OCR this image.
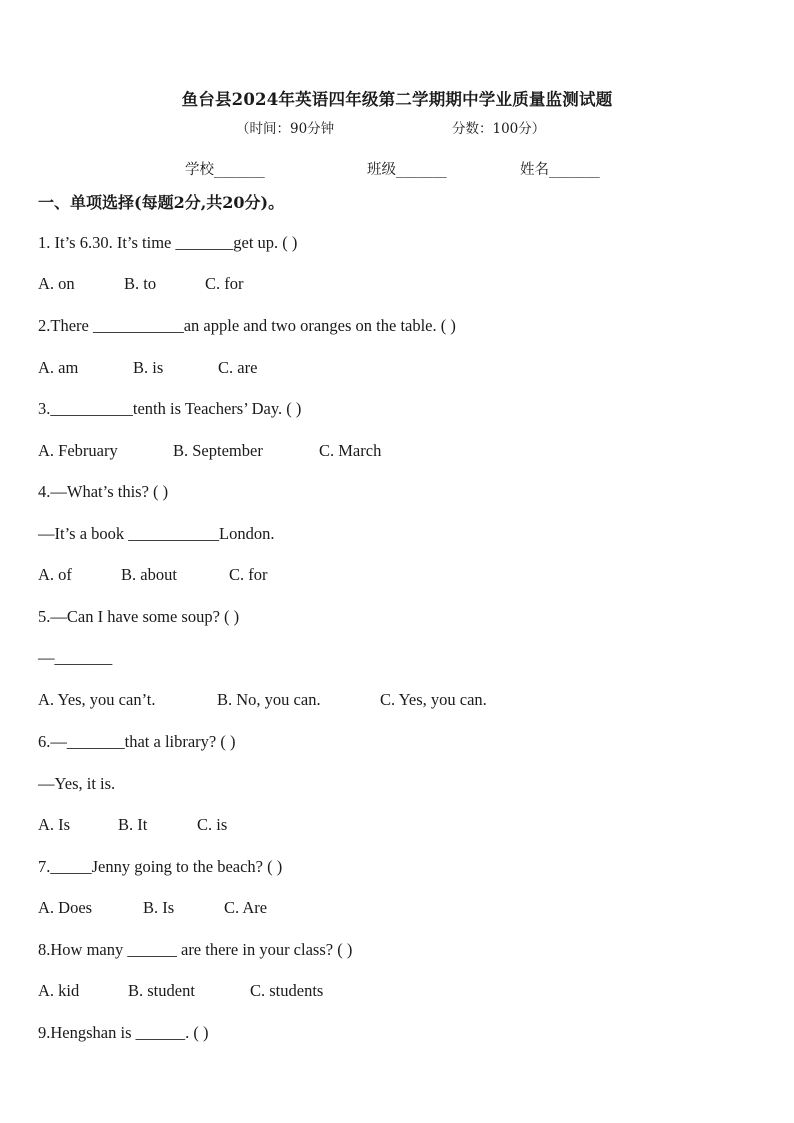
鱼台县2024年英语四年级第二学期期中学业质量监测试题
（时间：90分钟	分数：100分）
学校_______	班级_______	姓名_______
一、单项选择(每题2分,共20分)。
1. It’s 6.30. It’s time _______get up. ( )
A. on	B. to	C. for
2.There ___________an apple and two oranges on the table. ( )
A. am	B. is	C. are
3.__________tenth is Teachers’ Day. ( )
A. February	B. September	C. March
4.—What’s this? ( )
—It’s a book ___________London.
A. of	B. about	C. for
5.—Can I have some soup? ( )
—_______
A. Yes, you can’t.	B. No, you can.	C. Yes, you can.
6.—_______that a library? ( )
—Yes, it is.
A. Is	B. It	C. is
7._____Jenny going to the beach? ( )
A. Does	B. Is	C. Are
8.How many ______ are there in your class? ( )
A. kid	B. student	C. students
9.Hengshan is ______. ( )
